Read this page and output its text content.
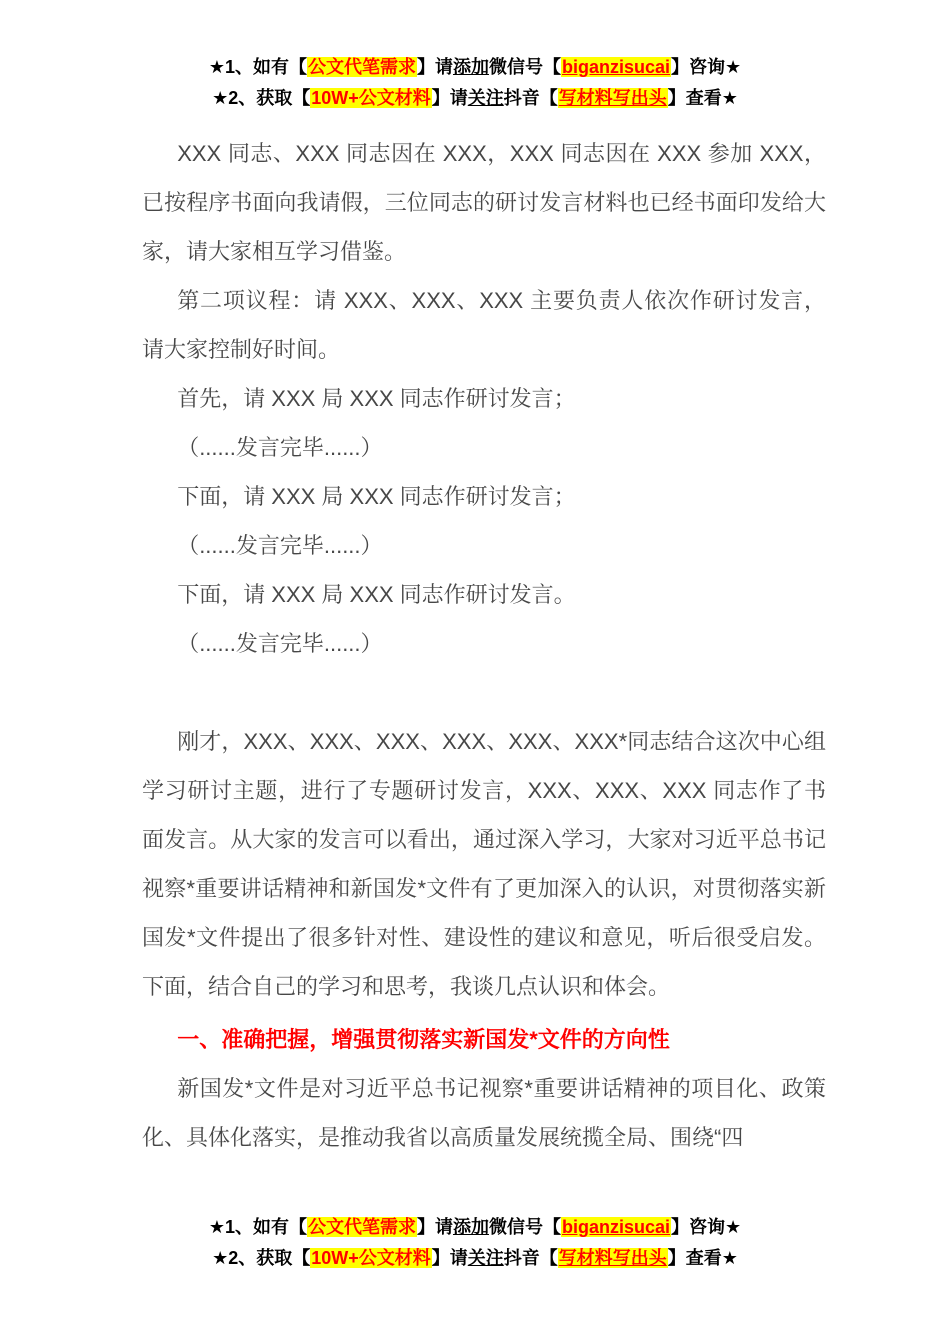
★1、如有【公文代笔需求】请添加微信号【biganzisucai】咨询★
★2、获取【10W+公文材料】请关注抖音【写材料写出头】查看★

XXX 同志、XXX 同志因在 XXX，XXX 同志因在 XXX 参加 XXX，已按程序书面向我请假，三位同志的研讨发言材料也已经书面印发给大家，请大家相互学习借鉴。

第二项议程：请 XXX、XXX、XXX 主要负责人依次作研讨发言，请大家控制好时间。

首先，请 XXX 局 XXX 同志作研讨发言；

（......发言完毕......）

下面，请 XXX 局 XXX 同志作研讨发言；

（......发言完毕......）

下面，请 XXX 局 XXX 同志作研讨发言。

（......发言完毕......）

刚才，XXX、XXX、XXX、XXX、XXX、XXX*同志结合这次中心组学习研讨主题，进行了专题研讨发言，XXX、XXX、XXX 同志作了书面发言。从大家的发言可以看出，通过深入学习，大家对习近平总书记视察*重要讲话精神和新国发*文件有了更加深入的认识，对贯彻落实新国发*文件提出了很多针对性、建设性的建议和意见，听后很受启发。下面，结合自己的学习和思考，我谈几点认识和体会。

一、准确把握，增强贯彻落实新国发*文件的方向性

新国发*文件是对习近平总书记视察*重要讲话精神的项目化、政策化、具体化落实，是推动我省以高质量发展统揽全局、围绕“四

★1、如有【公文代笔需求】请添加微信号【biganzisucai】咨询★
★2、获取【10W+公文材料】请关注抖音【写材料写出头】查看★
